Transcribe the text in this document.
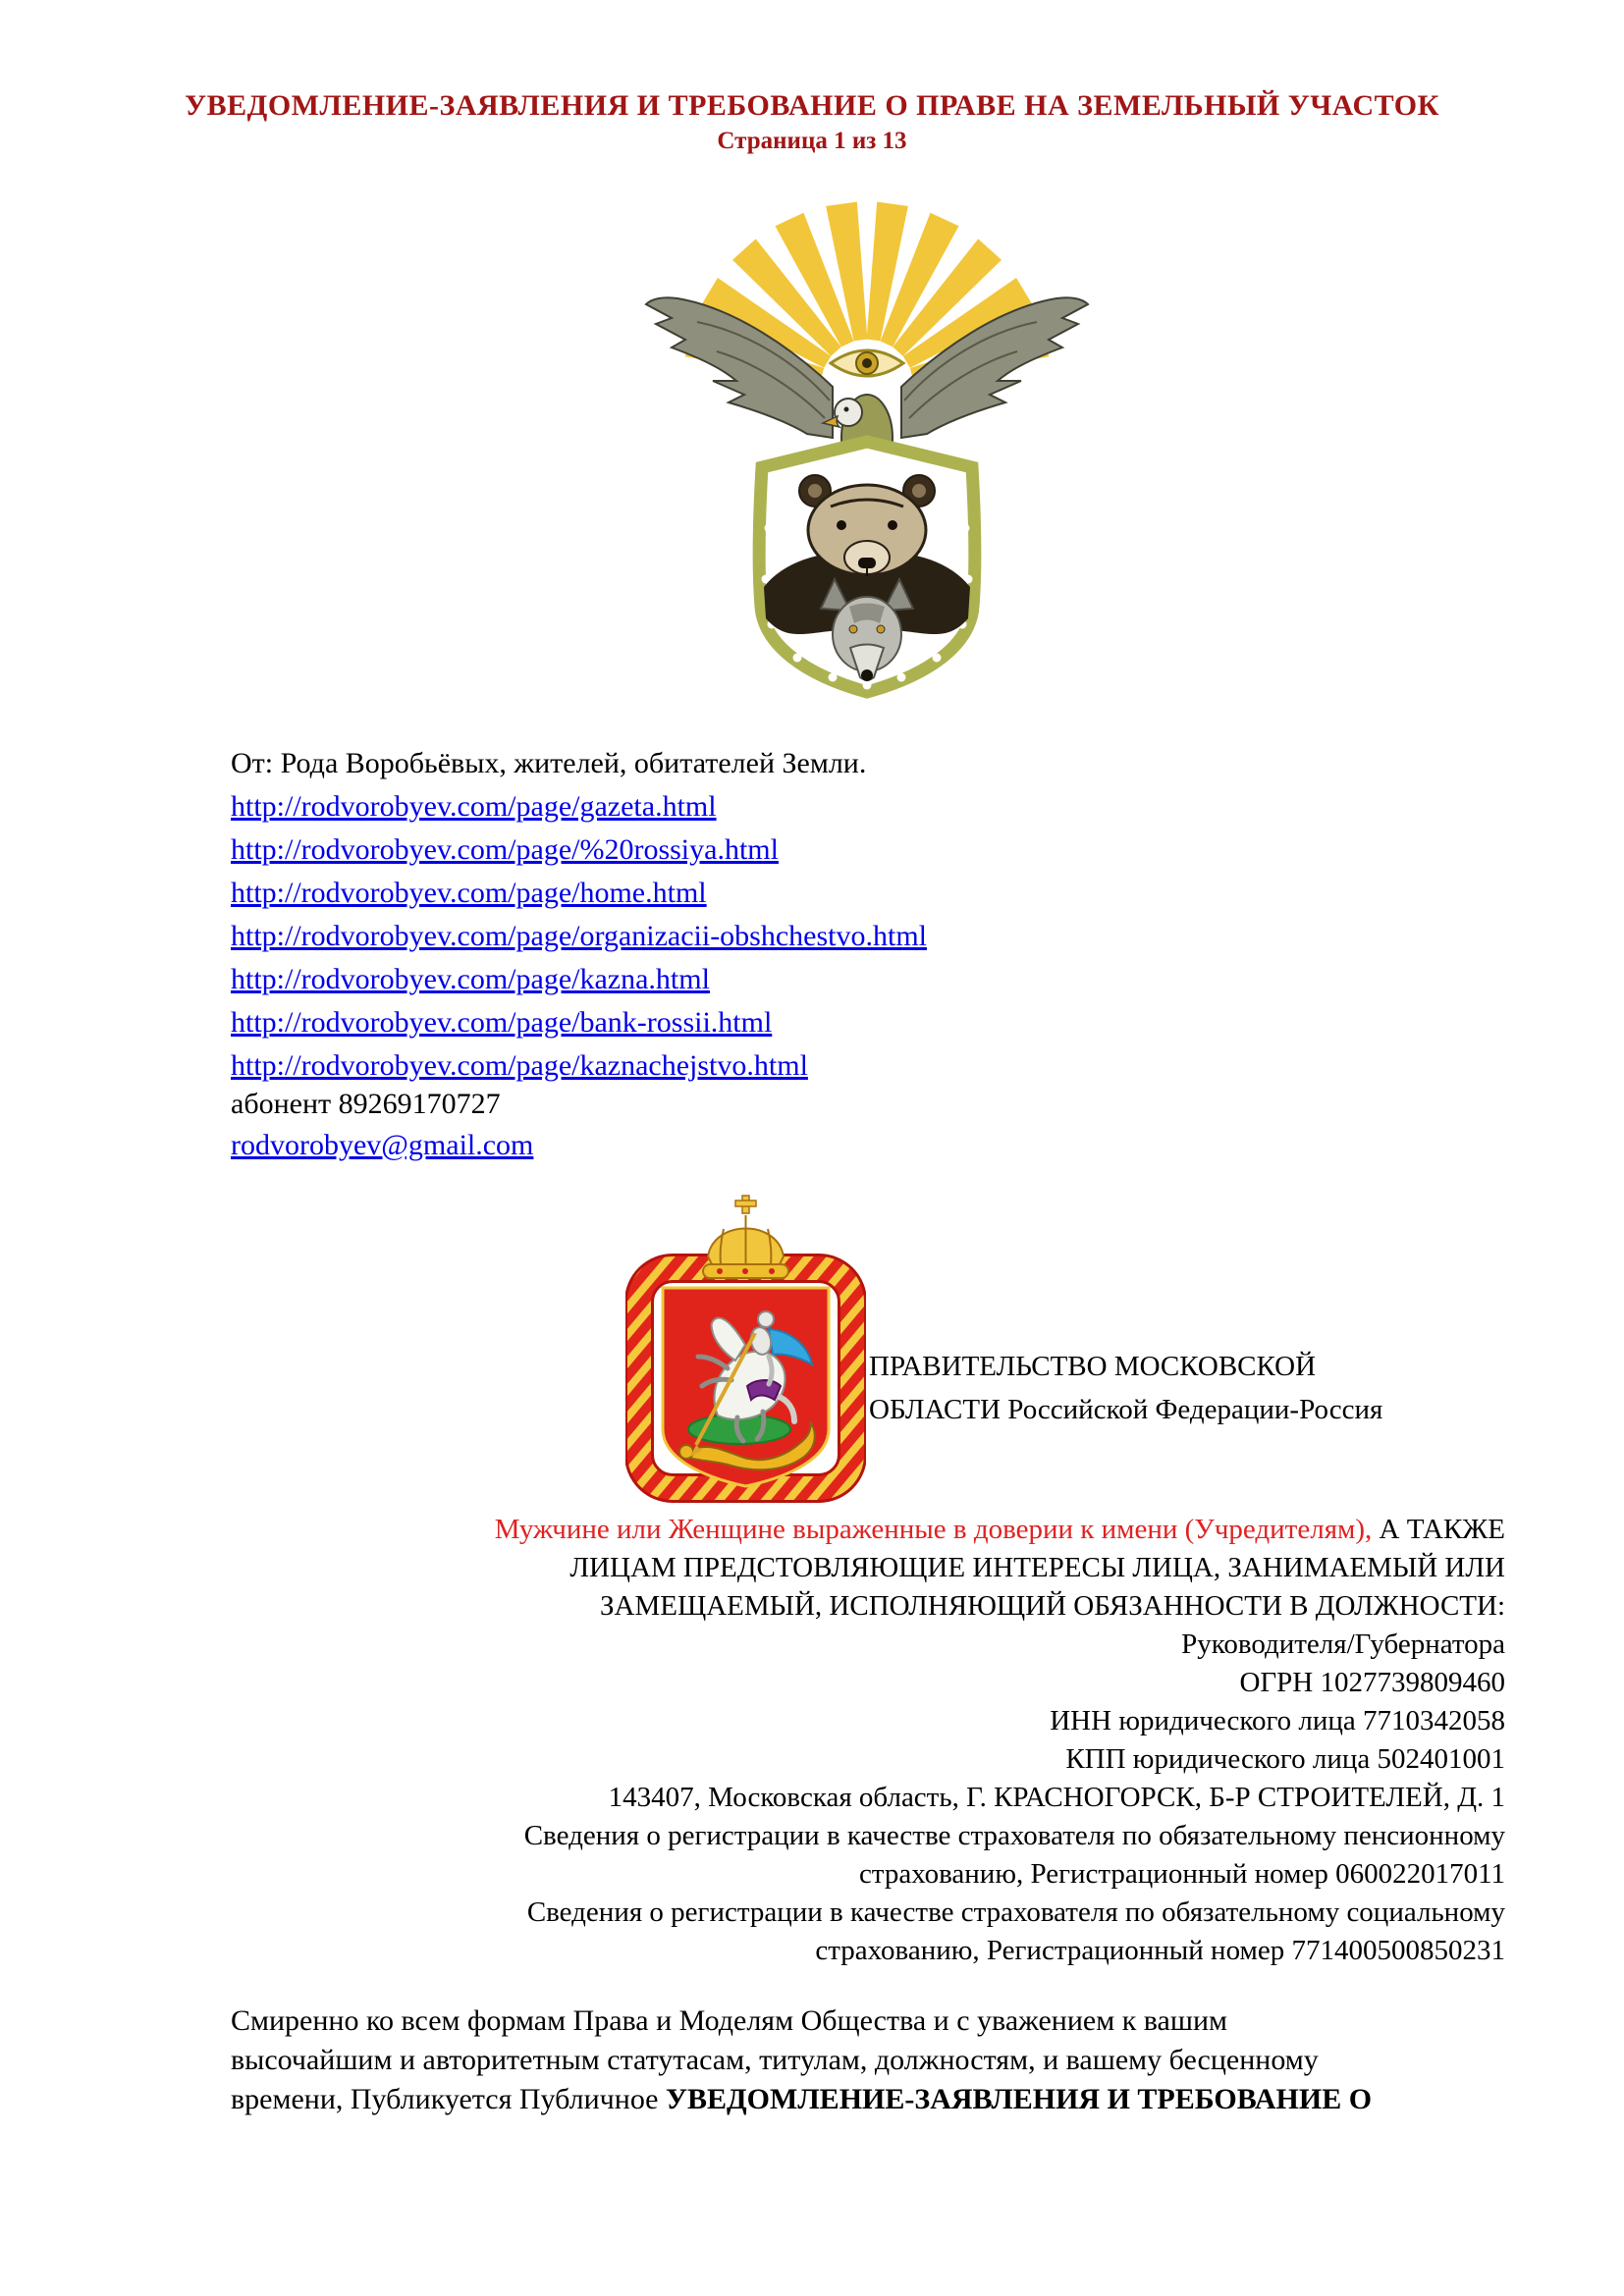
УВЕДОМЛЕНИЕ-ЗАЯВЛЕНИЯ И ТРЕБОВАНИЕ О ПРАВЕ НА ЗЕМЕЛЬНЫЙ УЧАСТОК
Страница 1 из 13
От: Рода Воробьёвых, жителей, обитателей Земли.
http://rodvorobyev.com/page/gazeta.html
http://rodvorobyev.com/page/%20rossiya.html
http://rodvorobyev.com/page/home.html
http://rodvorobyev.com/page/organizacii-obshchestvo.html
http://rodvorobyev.com/page/kazna.html
http://rodvorobyev.com/page/bank-rossii.html
http://rodvorobyev.com/page/kaznachejstvo.html
абонент 89269170727
rodvorobyev@gmail.com
ПРАВИТЕЛЬСТВО МОСКОВСКОЙ
ОБЛАСТИ Российской Федерации-Россия
Мужчине или Женщине выраженные в доверии к имени (Учредителям), А ТАКЖЕ
ЛИЦАМ ПРЕДСТОВЛЯЮЩИЕ ИНТЕРЕСЫ ЛИЦА, ЗАНИМАЕМЫЙ ИЛИ
ЗАМЕЩАЕМЫЙ, ИСПОЛНЯЮЩИЙ ОБЯЗАННОСТИ В ДОЛЖНОСТИ:
Руководителя/Губернатора
ОГРН 1027739809460
ИНН юридического лица 7710342058
КПП юридического лица 502401001
143407, Московская область, Г. КРАСНОГОРСК, Б-Р СТРОИТЕЛЕЙ, Д. 1
Сведения о регистрации в качестве страхователя по обязательному пенсионному
страхованию, Регистрационный номер 060022017011
Сведения о регистрации в качестве страхователя по обязательному социальному
страхованию, Регистрационный номер 771400500850231
Смиренно ко всем формам Права и Моделям Общества и с уважением к вашим
высочайшим и авторитетным статутасам, титулам, должностям, и вашему бесценному
времени, Публикуется Публичное УВЕДОМЛЕНИЕ-ЗАЯВЛЕНИЯ И ТРЕБОВАНИЕ О
